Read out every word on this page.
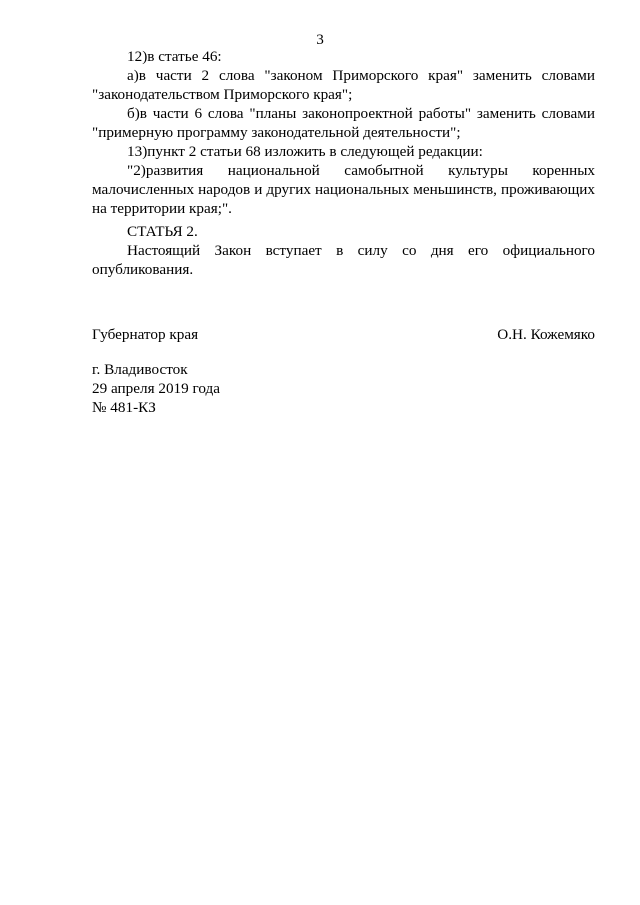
3

12)в статье 46:

а)в части 2 слова "законом Приморского края" заменить словами "законодательством Приморского края";

б)в части 6 слова "планы законопроектной работы" заменить словами "примерную программу законодательной деятельности";

13)пункт 2 статьи 68 изложить в следующей редакции:

"2)развития национальной самобытной культуры коренных малочисленных народов и других национальных меньшинств, проживающих на территории края;".

СТАТЬЯ 2.

Настоящий Закон вступает в силу со дня его официального опубликования.

Губернатор края	О.Н. Кожемяко

г. Владивосток

29 апреля 2019 года

№ 481-КЗ
